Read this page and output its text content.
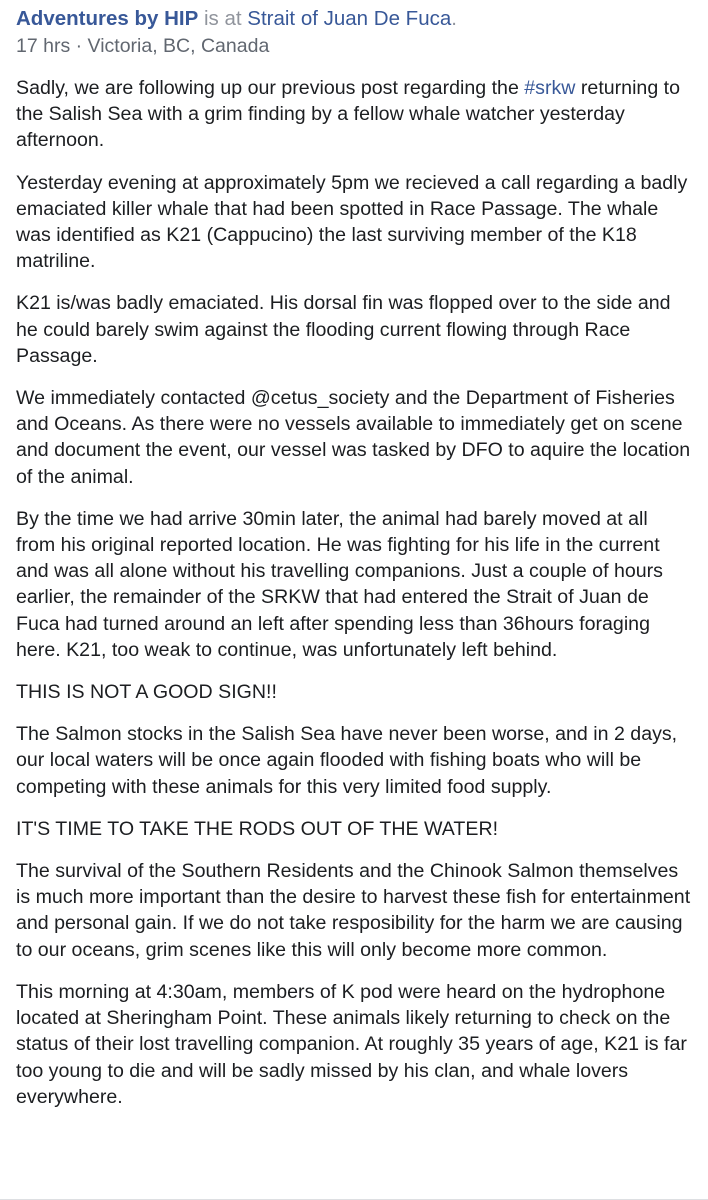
Adventures by HIP is at Strait of Juan De Fuca.

17 hrs · Victoria, BC, Canada

Sadly, we are following up our previous post regarding the #srkw returning to the Salish Sea with a grim finding by a fellow whale watcher yesterday afternoon.

Yesterday evening at approximately 5pm we recieved a call regarding a badly emaciated killer whale that had been spotted in Race Passage. The whale was identified as K21 (Cappucino) the last surviving member of the K18 matriline.

K21 is/was badly emaciated. His dorsal fin was flopped over to the side and he could barely swim against the flooding current flowing through Race Passage.

We immediately contacted @cetus_society and the Department of Fisheries and Oceans. As there were no vessels available to immediately get on scene and document the event, our vessel was tasked by DFO to aquire the location of the animal.

By the time we had arrive 30min later, the animal had barely moved at all from his original reported location. He was fighting for his life in the current and was all alone without his travelling companions. Just a couple of hours earlier, the remainder of the SRKW that had entered the Strait of Juan de Fuca had turned around an left after spending less than 36hours foraging here. K21, too weak to continue, was unfortunately left behind.

THIS IS NOT A GOOD SIGN!!

The Salmon stocks in the Salish Sea have never been worse, and in 2 days, our local waters will be once again flooded with fishing boats who will be competing with these animals for this very limited food supply.

IT'S TIME TO TAKE THE RODS OUT OF THE WATER!

The survival of the Southern Residents and the Chinook Salmon themselves is much more important than the desire to harvest these fish for entertainment and personal gain. If we do not take resposibility for the harm we are causing to our oceans, grim scenes like this will only become more common.

This morning at 4:30am, members of K pod were heard on the hydrophone located at Sheringham Point. These animals likely returning to check on the status of their lost travelling companion. At roughly 35 years of age, K21 is far too young to die and will be sadly missed by his clan, and whale lovers everywhere.
